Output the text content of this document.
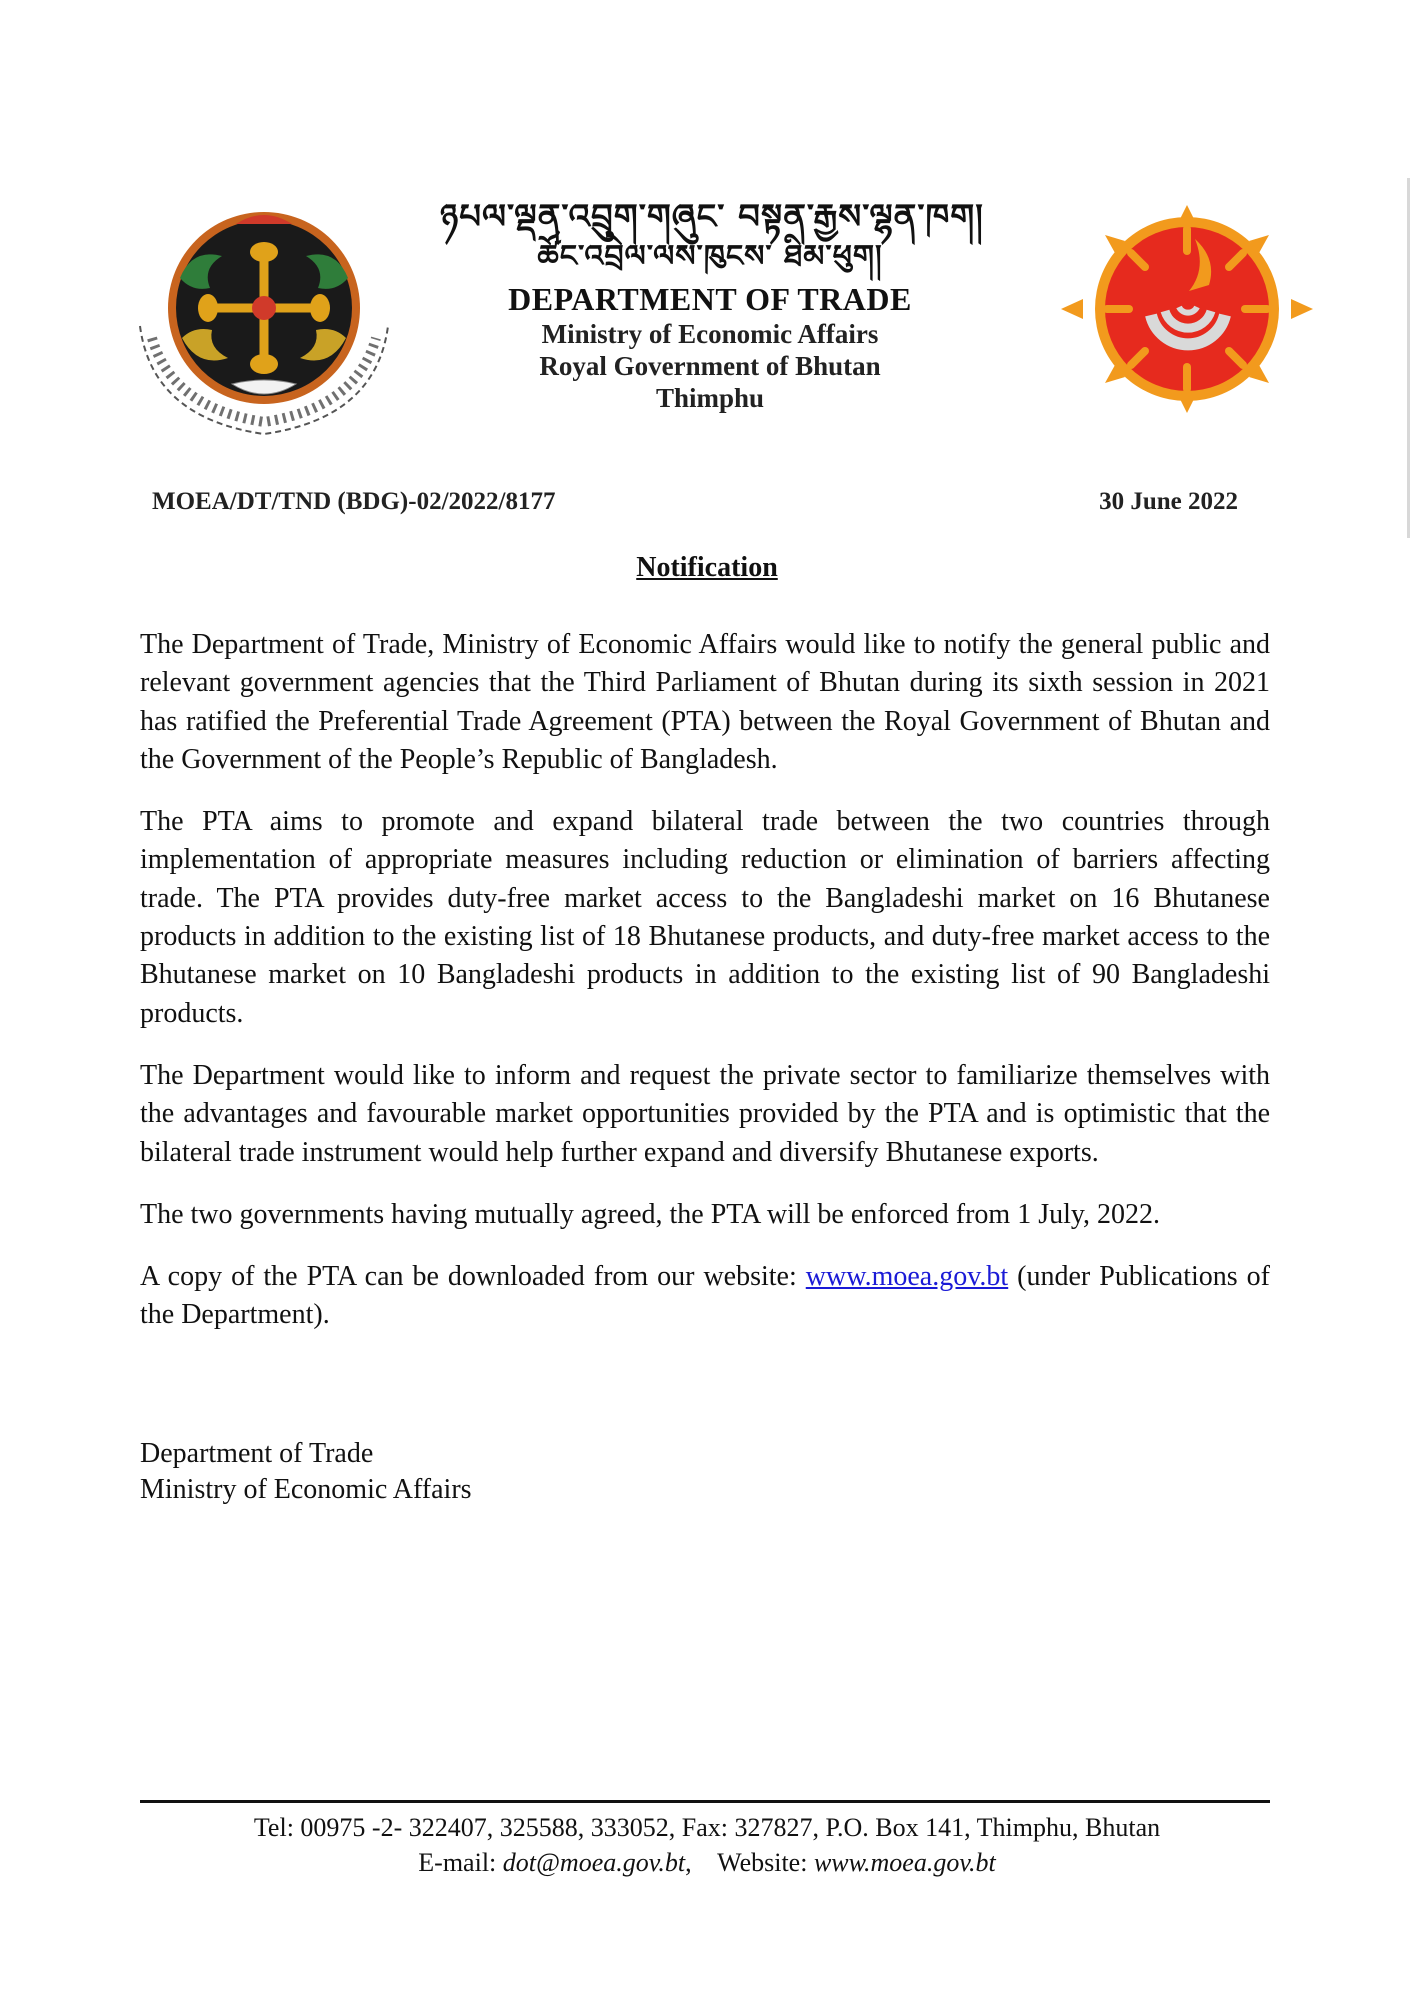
ཉཔལ་ལྡན་འབྲུག་གཞུང་ བསྟན་རྒྱས་ལྷན་ཁག།
ཚོང་འབྲེལ་ལས་ཁུངས་ ཐིམ་ཕུག།
DEPARTMENT OF TRADE
Ministry of Economic Affairs
Royal Government of Bhutan
Thimphu
MOEA/DT/TND (BDG)-02/2022/8177	30 June 2022
Notification

The Department of Trade, Ministry of Economic Affairs would like to notify the general public and relevant government agencies that the Third Parliament of Bhutan during its sixth session in 2021 has ratified the Preferential Trade Agreement (PTA) between the Royal Government of Bhutan and the Government of the People’s Republic of Bangladesh.

The PTA aims to promote and expand bilateral trade between the two countries through implementation of appropriate measures including reduction or elimination of barriers affecting trade. The PTA provides duty-free market access to the Bangladeshi market on 16 Bhutanese products in addition to the existing list of 18 Bhutanese products, and duty-free market access to the Bhutanese market on 10 Bangladeshi products in addition to the existing list of 90 Bangladeshi products.

The Department would like to inform and request the private sector to familiarize themselves with the advantages and favourable market opportunities provided by the PTA and is optimistic that the bilateral trade instrument would help further expand and diversify Bhutanese exports.

The two governments having mutually agreed, the PTA will be enforced from 1 July, 2022.

A copy of the PTA can be downloaded from our website: www.moea.gov.bt (under Publications of the Department).

Department of Trade
Ministry of Economic Affairs
Tel: 00975 -2- 322407, 325588, 333052, Fax: 327827, P.O. Box 141, Thimphu, Bhutan
E-mail: dot@moea.gov.bt,    Website: www.moea.gov.bt
